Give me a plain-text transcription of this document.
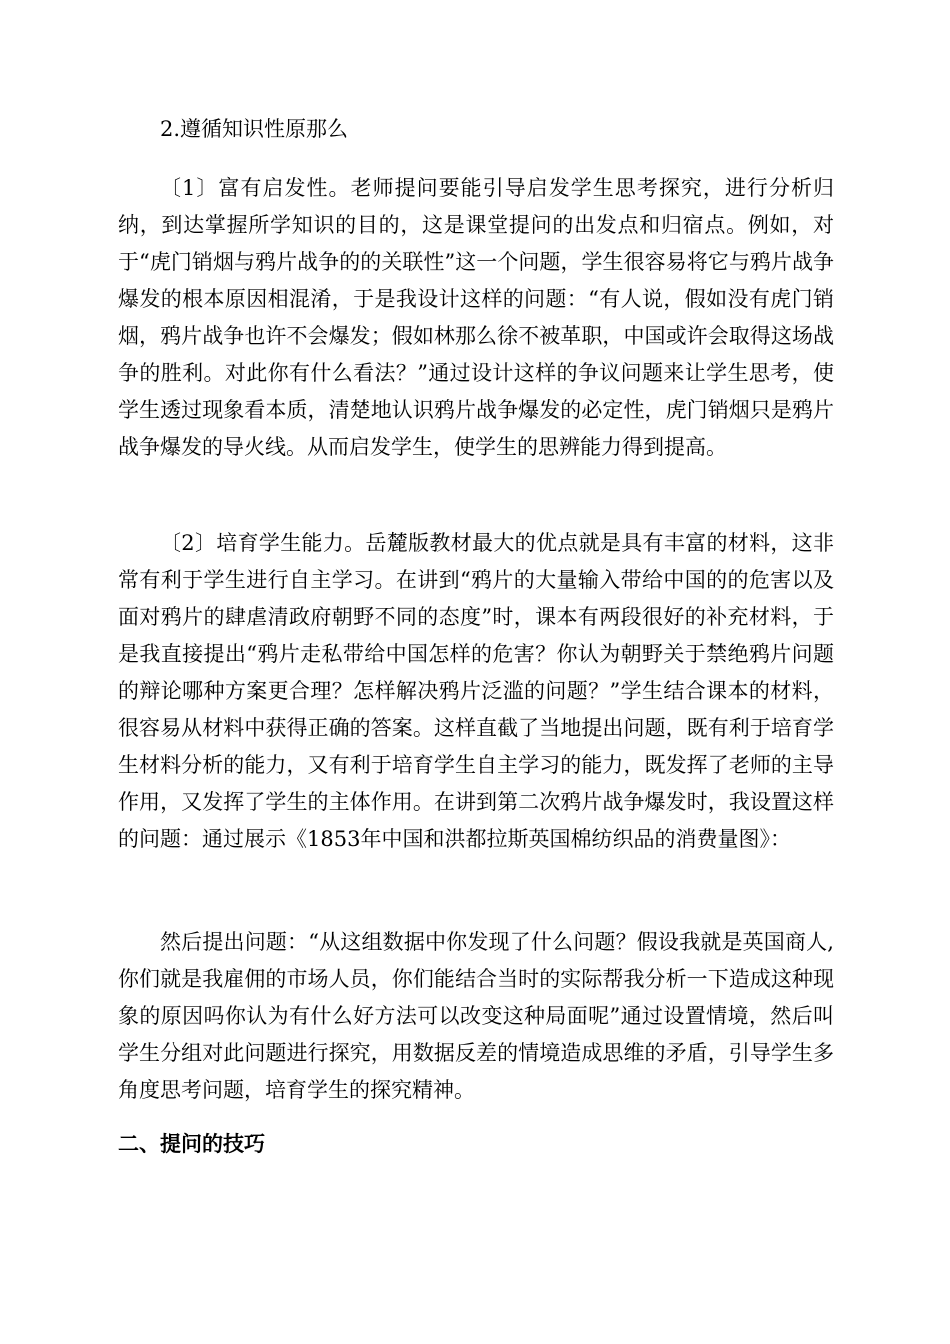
2.遵循知识性原那么

〔1〕富有启发性。老师提问要能引导启发学生思考探究，进行分析归纳，到达掌握所学知识的目的，这是课堂提问的出发点和归宿点。例如，对于“虎门销烟与鸦片战争的的关联性”这一个问题，学生很容易将它与鸦片战争爆发的根本原因相混淆，于是我设计这样的问题：“有人说，假如没有虎门销烟，鸦片战争也许不会爆发；假如林那么徐不被革职，中国或许会取得这场战争的胜利。对此你有什么看法？”通过设计这样的争议问题来让学生思考，使学生透过现象看本质，清楚地认识鸦片战争爆发的必定性，虎门销烟只是鸦片战争爆发的导火线。从而启发学生，使学生的思辨能力得到提高。

〔2〕培育学生能力。岳麓版教材最大的优点就是具有丰富的材料，这非常有利于学生进行自主学习。在讲到“鸦片的大量输入带给中国的的危害以及面对鸦片的肆虐清政府朝野不同的态度”时，课本有两段很好的补充材料，于是我直接提出“鸦片走私带给中国怎样的危害？你认为朝野关于禁绝鸦片问题的辩论哪种方案更合理？怎样解决鸦片泛滥的问题？”学生结合课本的材料，很容易从材料中获得正确的答案。这样直截了当地提出问题，既有利于培育学生材料分析的能力，又有利于培育学生自主学习的能力，既发挥了老师的主导作用，又发挥了学生的主体作用。在讲到第二次鸦片战争爆发时，我设置这样的问题：通过展示《1853年中国和洪都拉斯英国棉纺织品的消费量图》：

然后提出问题：“从这组数据中你发现了什么问题？假设我就是英国商人,你们就是我雇佣的市场人员，你们能结合当时的实际帮我分析一下造成这种现象的原因吗你认为有什么好方法可以改变这种局面呢”通过设置情境，然后叫学生分组对此问题进行探究，用数据反差的情境造成思维的矛盾，引导学生多角度思考问题，培育学生的探究精神。

二、提问的技巧
